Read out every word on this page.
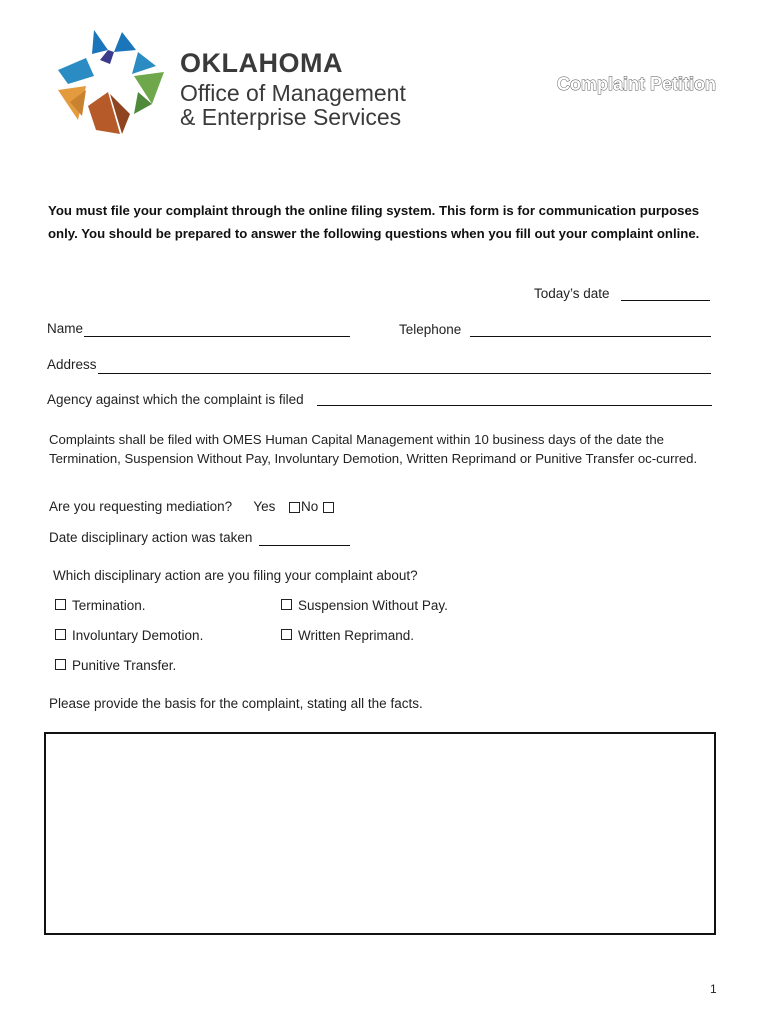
OKLAHOMA
Office of Management
& Enterprise Services
Complaint Petition
You must file your complaint through the online filing system. This form is for communication purposes only. You should be prepared to answer the following questions when you fill out your complaint online.
Today’s date
Name	Telephone
Address
Agency against which the complaint is filed
Complaints shall be filed with OMES Human Capital Management within 10 business days of the date the Termination, Suspension Without Pay, Involuntary Demotion, Written Reprimand or Punitive Transfer oc-curred.
Are you requesting mediation? Yes No
Date disciplinary action was taken
Which disciplinary action are you filing your complaint about?
Termination.	Suspension Without Pay.
Involuntary Demotion.	Written Reprimand.
Punitive Transfer.
Please provide the basis for the complaint, stating all the facts.
1
